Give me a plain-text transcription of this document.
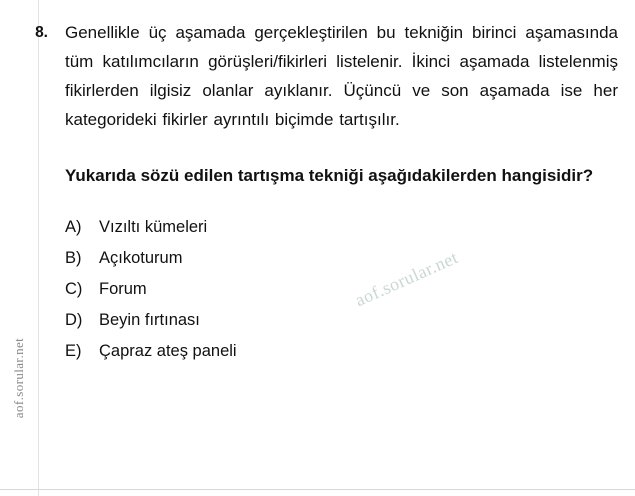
aof.sorular.net
8.	Genellikle üç aşamada gerçekleştirilen bu tekniğin birinci aşamasında tüm katılımcıların görüşleri/fikirleri listelenir. İkinci aşamada listelenmiş fikirlerden ilgisiz olanlar ayıklanır. Üçüncü ve son aşamada ise her kategorideki fikirler ayrıntılı biçimde tartışılır.
Yukarıda sözü edilen tartışma tekniği aşağıdakilerden hangisidir?
A)	Vızıltı kümeleri
B)	Açıkoturum
C)	Forum
D)	Beyin fırtınası
E)	Çapraz ateş paneli
aof.sorular.net
